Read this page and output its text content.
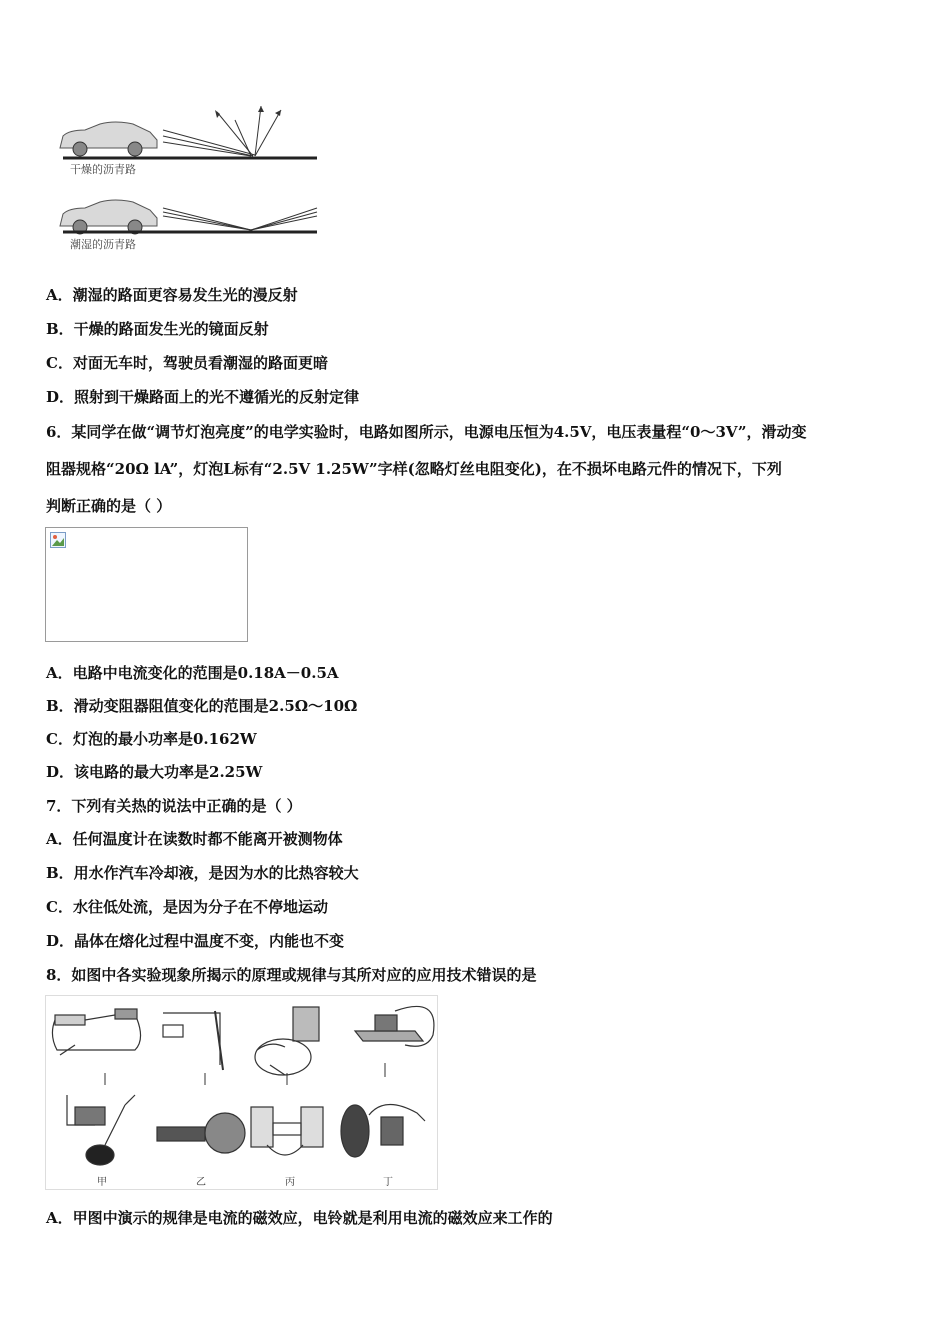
干燥的沥青路
潮湿的沥青路
A．潮湿的路面更容易发生光的漫反射
B．干燥的路面发生光的镜面反射
C．对面无车时，驾驶员看潮湿的路面更暗
D．照射到干燥路面上的光不遵循光的反射定律
6．某同学在做“调节灯泡亮度”的电学实验时，电路如图所示，电源电压恒为4.5V，电压表量程“0～3V”，滑动变
阻器规格“20Ω lA”，灯泡L标有“2.5V 1.25W”字样(忽略灯丝电阻变化)，在不损坏电路元件的情况下，下列
判断正确的是（ ）
A．电路中电流变化的范围是0.18A－0.5A
B．滑动变阻器阻值变化的范围是2.5Ω～10Ω
C．灯泡的最小功率是0.162W
D．该电路的最大功率是2.25W
7．下列有关热的说法中正确的是（ ）
A．任何温度计在读数时都不能离开被测物体
B．用水作汽车冷却液，是因为水的比热容较大
C．水往低处流，是因为分子在不停地运动
D．晶体在熔化过程中温度不变，内能也不变
8．如图中各实验现象所揭示的原理或规律与其所对应的应用技术错误的是
甲	乙	丙	丁
A．甲图中演示的规律是电流的磁效应，电铃就是利用电流的磁效应来工作的
